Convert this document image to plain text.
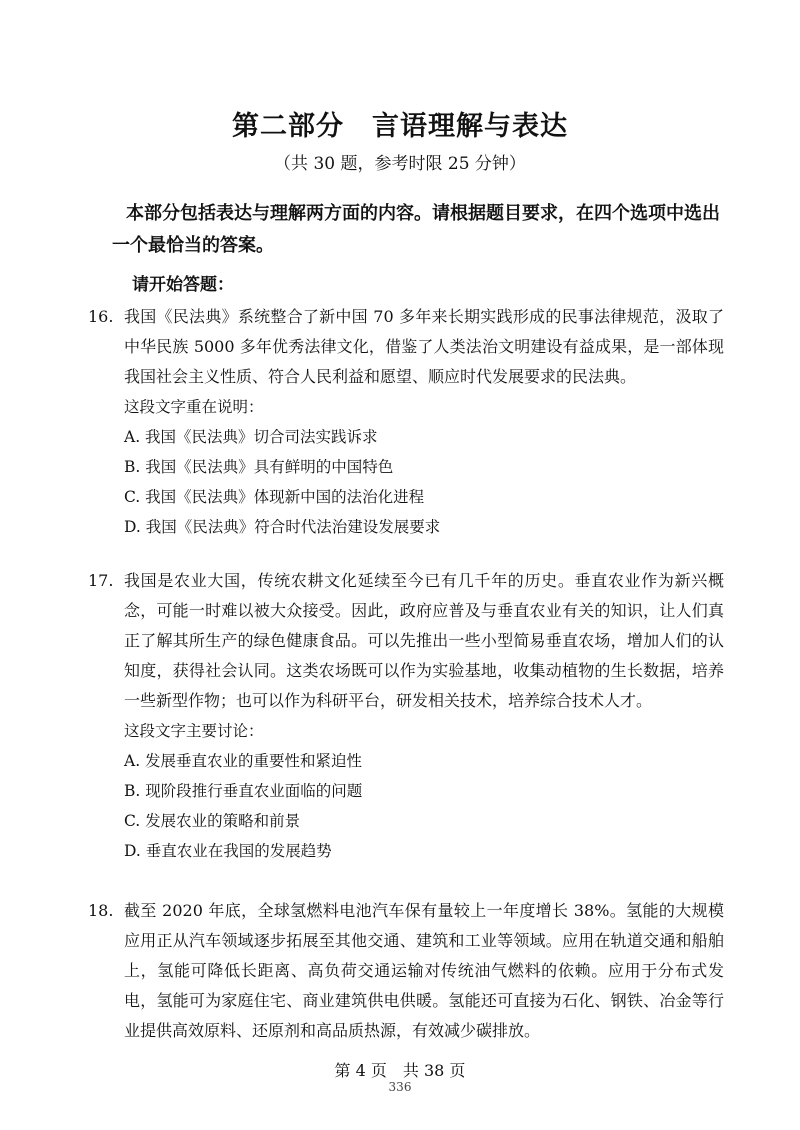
第二部分　言语理解与表达
（共 30 题，参考时限 25 分钟）
本部分包括表达与理解两方面的内容。请根据题目要求，在四个选项中选出一个最恰当的答案。
请开始答题：
16. 我国《民法典》系统整合了新中国 70 多年来长期实践形成的民事法律规范，汲取了中华民族 5000 多年优秀法律文化，借鉴了人类法治文明建设有益成果，是一部体现我国社会主义性质、符合人民利益和愿望、顺应时代发展要求的民法典。
这段文字重在说明：
A. 我国《民法典》切合司法实践诉求
B. 我国《民法典》具有鲜明的中国特色
C. 我国《民法典》体现新中国的法治化进程
D. 我国《民法典》符合时代法治建设发展要求
17. 我国是农业大国，传统农耕文化延续至今已有几千年的历史。垂直农业作为新兴概念，可能一时难以被大众接受。因此，政府应普及与垂直农业有关的知识，让人们真正了解其所生产的绿色健康食品。可以先推出一些小型简易垂直农场，增加人们的认知度，获得社会认同。这类农场既可以作为实验基地，收集动植物的生长数据，培养一些新型作物；也可以作为科研平台，研发相关技术，培养综合技术人才。
这段文字主要讨论：
A. 发展垂直农业的重要性和紧迫性
B. 现阶段推行垂直农业面临的问题
C. 发展农业的策略和前景
D. 垂直农业在我国的发展趋势
18. 截至 2020 年底，全球氢燃料电池汽车保有量较上一年度增长 38%。氢能的大规模应用正从汽车领域逐步拓展至其他交通、建筑和工业等领域。应用在轨道交通和船舶上，氢能可降低长距离、高负荷交通运输对传统油气燃料的依赖。应用于分布式发电，氢能可为家庭住宅、商业建筑供电供暖。氢能还可直接为石化、钢铁、冶金等行业提供高效原料、还原剂和高品质热源，有效减少碳排放。
第 4 页　共 38 页
336
